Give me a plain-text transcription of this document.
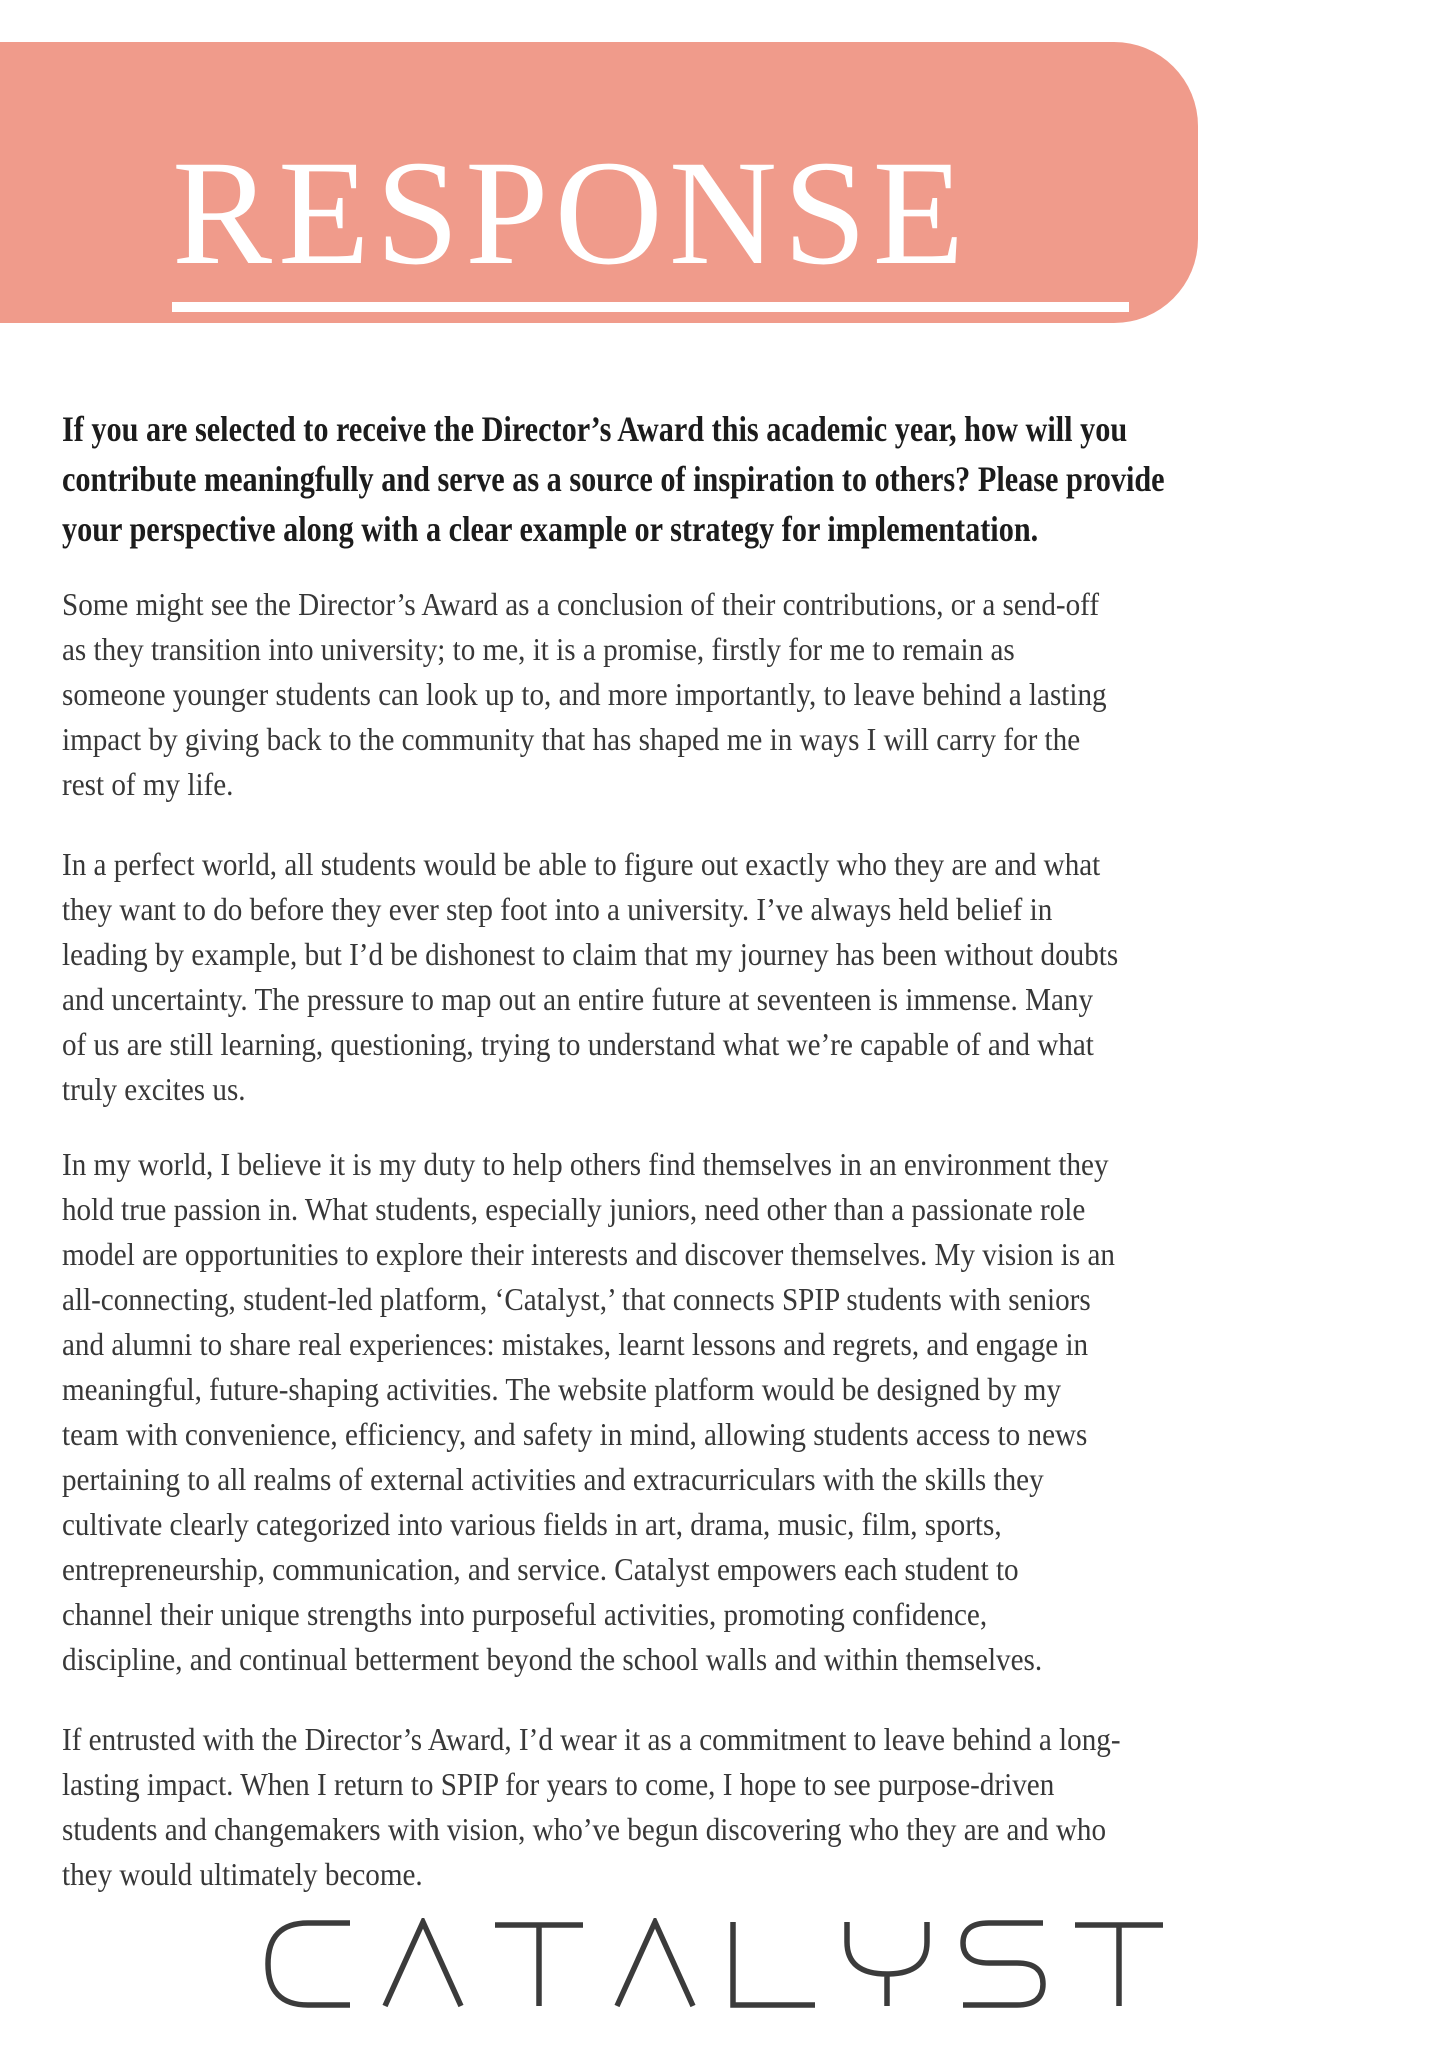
RESPONSE
If you are selected to receive the Director’s Award this academic year, how will you
contribute meaningfully and serve as a source of inspiration to others? Please provide
your perspective along with a clear example or strategy for implementation.
Some might see the Director’s Award as a conclusion of their contributions, or a send-off
as they transition into university; to me, it is a promise, firstly for me to remain as
someone younger students can look up to, and more importantly, to leave behind a lasting
impact by giving back to the community that has shaped me in ways I will carry for the
rest of my life.
In a perfect world, all students would be able to figure out exactly who they are and what
they want to do before they ever step foot into a university. I’ve always held belief in
leading by example, but I’d be dishonest to claim that my journey has been without doubts
and uncertainty. The pressure to map out an entire future at seventeen is immense. Many
of us are still learning, questioning, trying to understand what we’re capable of and what
truly excites us.
In my world, I believe it is my duty to help others find themselves in an environment they
hold true passion in. What students, especially juniors, need other than a passionate role
model are opportunities to explore their interests and discover themselves. My vision is an
all-connecting, student-led platform, ‘Catalyst,’ that connects SPIP students with seniors
and alumni to share real experiences: mistakes, learnt lessons and regrets, and engage in
meaningful, future-shaping activities. The website platform would be designed by my
team with convenience, efficiency, and safety in mind, allowing students access to news
pertaining to all realms of external activities and extracurriculars with the skills they
cultivate clearly categorized into various fields in art, drama, music, film, sports,
entrepreneurship, communication, and service. Catalyst empowers each student to
channel their unique strengths into purposeful activities, promoting confidence,
discipline, and continual betterment beyond the school walls and within themselves.
If entrusted with the Director’s Award, I’d wear it as a commitment to leave behind a long-
lasting impact. When I return to SPIP for years to come, I hope to see purpose-driven
students and changemakers with vision, who’ve begun discovering who they are and who
they would ultimately become.
